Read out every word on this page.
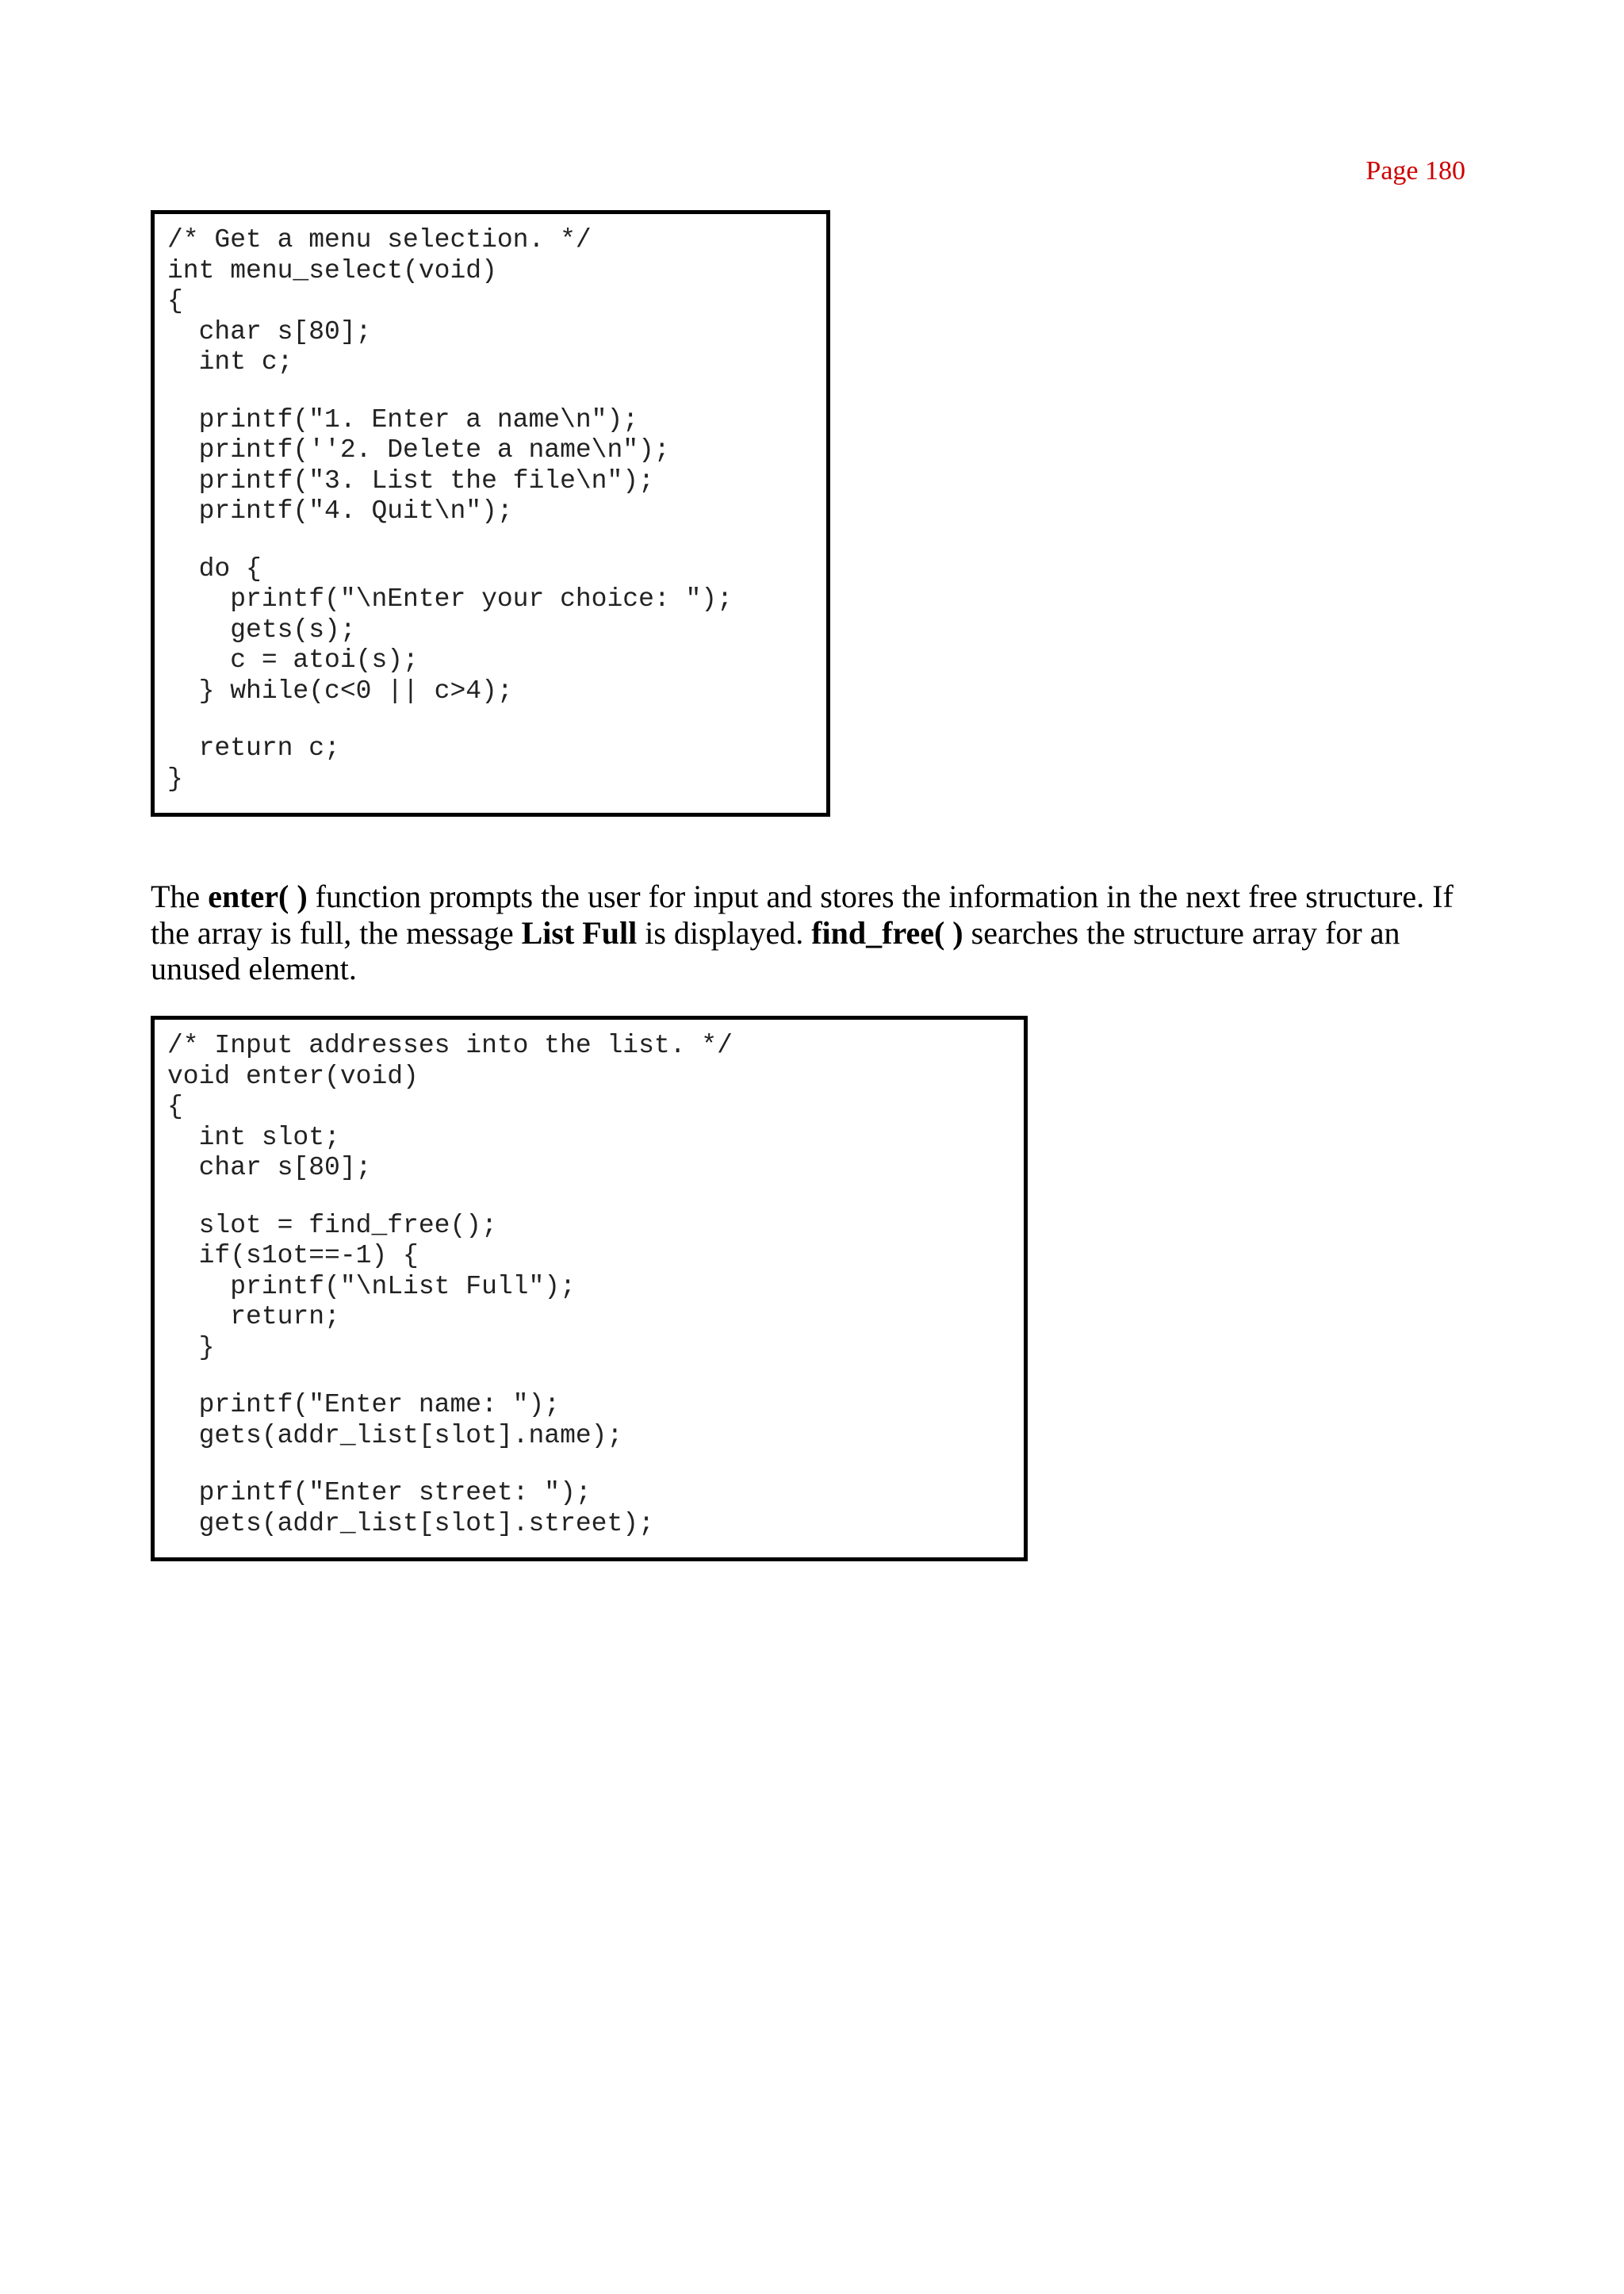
Page 180
/* Get a menu selection. */
int menu_select(void)
{
char s[80];
int c;
printf("1. Enter a name\n");
printf(''2. Delete a name\n");
printf("3. List the file\n");
printf("4. Quit\n");
do {
printf("\nEnter your choice: ");
gets(s);
c = atoi(s);
} while(c<0 || c>4);
return c;
}

The enter( ) function prompts the user for input and stores the information in the next free structure. If the array is full, the message List Full is displayed. find_free( ) searches the structure array for an unused element.

/* Input addresses into the list. */
void enter(void)
{
int slot;
char s[80];
slot = find_free();
if(s1ot==-1) {
printf("\nList Full");
return;
}
printf("Enter name: ");
gets(addr_list[slot].name);
printf("Enter street: ");
gets(addr_list[slot].street);
